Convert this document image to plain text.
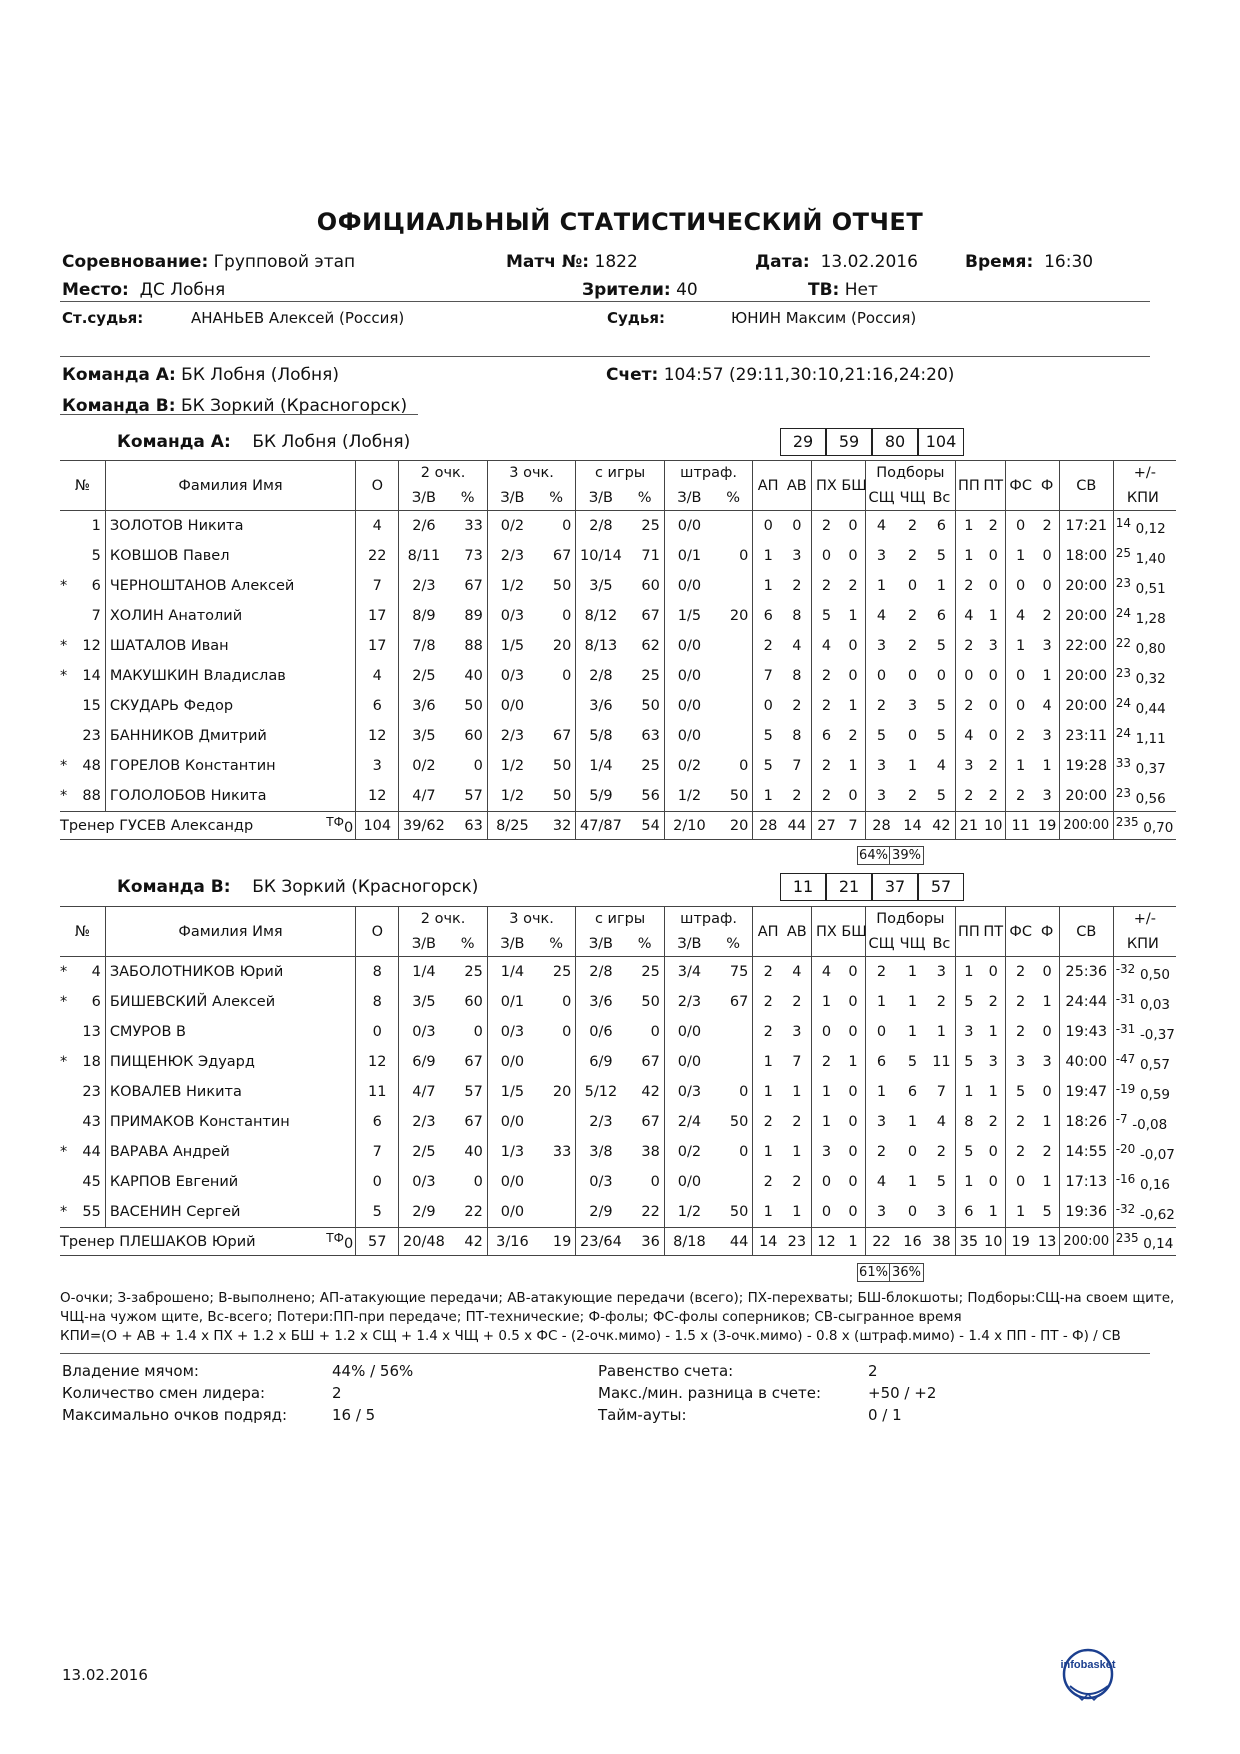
ОФИЦИАЛЬНЫЙ СТАТИСТИЧЕСКИЙ ОТЧЕТ
Соревнование: Групповой этап	Матч №: 1822	Дата: 13.02.2016	Время: 16:30
Место: ДС Лобня	Зрители: 40	ТВ: Нет
Ст.судья:	АНАНЬЕВ Алексей (Россия)	Судья:	ЮНИН Максим (Россия)
Команда А: БК Лобня (Лобня)	Счет: 104:57 (29:11,30:10,21:16,24:20)
Команда В: БК Зоркий (Красногорск)
Команда А: БК Лобня (Лобня)	29	59	80	104
№		Фамилия Имя	О	2 очк.		3 очк.		с игры		штраф.		АП	АВ	ПХ	БШ	Подборы			ПП	ПТ	ФС	Ф	СВ	+/-
				З/В	%	З/В	%	З/В	%	З/В	%					СЩ	ЧЩ	Вс						КПИ
	1	ЗОЛОТОВ Никита	4	2/6	33	0/2	0	2/8	25	0/0		0	0	2	0	4	2	6	1	2	0	2	17:21	$^{14}$ 0,12
	5	КОВШОВ Павел	22	8/11	73	2/3	67	10/14	71	0/1	0	1	3	0	0	3	2	5	1	0	1	0	18:00	$^{25}$ 1,40
*	6	ЧЕРНОШТАНОВ Алексей	7	2/3	67	1/2	50	3/5	60	0/0		1	2	2	2	1	0	1	2	0	0	0	20:00	$^{23}$ 0,51
	7	ХОЛИН Анатолий	17	8/9	89	0/3	0	8/12	67	1/5	20	6	8	5	1	4	2	6	4	1	4	2	20:00	$^{24}$ 1,28
*	12	ШАТАЛОВ Иван	17	7/8	88	1/5	20	8/13	62	0/0		2	4	4	0	3	2	5	2	3	1	3	22:00	$^{22}$ 0,80
*	14	МАКУШКИН Владислав	4	2/5	40	0/3	0	2/8	25	0/0		7	8	2	0	0	0	0	0	0	0	1	20:00	$^{23}$ 0,32
	15	СКУДАРЬ Федор	6	3/6	50	0/0		3/6	50	0/0		0	2	2	1	2	3	5	2	0	0	4	20:00	$^{24}$ 0,44
	23	БАННИКОВ Дмитрий	12	3/5	60	2/3	67	5/8	63	0/0		5	8	6	2	5	0	5	4	0	2	3	23:11	$^{24}$ 1,11
*	48	ГОРЕЛОВ Константин	3	0/2	0	1/2	50	1/4	25	0/2	0	5	7	2	1	3	1	4	3	2	1	1	19:28	$^{33}$ 0,37
*	88	ГОЛОЛОБОВ Никита	12	4/7	57	1/2	50	5/9	56	1/2	50	1	2	2	0	3	2	5	2	2	2	3	20:00	$^{23}$ 0,56
Тренер ГУСЕВ Александр $^{ТФ}$0			104	39/62	63	8/25	32	47/87	54	2/10	20	28	44	27	7	28	14	42	21	10	11	19	200:00	$^{235}$ 0,70
64% 39%
Команда В: БК Зоркий (Красногорск)	11	21	37	57
№		Фамилия Имя	О	2 очк.		3 очк.		с игры		штраф.		АП	АВ	ПХ	БШ	Подборы			ПП	ПТ	ФС	Ф	СВ	+/-
				З/В	%	З/В	%	З/В	%	З/В	%					СЩ	ЧЩ	Вс						КПИ
*	4	ЗАБОЛОТНИКОВ Юрий	8	1/4	25	1/4	25	2/8	25	3/4	75	2	4	4	0	2	1	3	1	0	2	0	25:36	$^{-32}$ 0,50
*	6	БИШЕВСКИЙ Алексей	8	3/5	60	0/1	0	3/6	50	2/3	67	2	2	1	0	1	1	2	5	2	2	1	24:44	$^{-31}$ 0,03
	13	СМУРОВ В	0	0/3	0	0/3	0	0/6	0	0/0		2	3	0	0	0	1	1	3	1	2	0	19:43	$^{-31}$ -0,37
*	18	ПИЩЕНЮК Эдуард	12	6/9	67	0/0		6/9	67	0/0		1	7	2	1	6	5	11	5	3	3	3	40:00	$^{-47}$ 0,57
	23	КОВАЛЕВ Никита	11	4/7	57	1/5	20	5/12	42	0/3	0	1	1	1	0	1	6	7	1	1	5	0	19:47	$^{-19}$ 0,59
	43	ПРИМАКОВ Константин	6	2/3	67	0/0		2/3	67	2/4	50	2	2	1	0	3	1	4	8	2	2	1	18:26	$^{-7}$ -0,08
*	44	ВАРАВА Андрей	7	2/5	40	1/3	33	3/8	38	0/2	0	1	1	3	0	2	0	2	5	0	2	2	14:55	$^{-20}$ -0,07
	45	КАРПОВ Евгений	0	0/3	0	0/0		0/3	0	0/0		2	2	0	0	4	1	5	1	0	0	1	17:13	$^{-16}$ 0,16
*	55	ВАСЕНИН Сергей	5	2/9	22	0/0		2/9	22	1/2	50	1	1	0	0	3	0	3	6	1	1	5	19:36	$^{-32}$ -0,62
Тренер ПЛЕШАКОВ Юрий $^{ТФ}$0			57	20/48	42	3/16	19	23/64	36	8/18	44	14	23	12	1	22	16	38	35	10	19	13	200:00	$^{235}$ 0,14
61% 36%
О-очки; З-заброшено; В-выполнено; АП-атакующие передачи; АВ-атакующие передачи (всего); ПХ-перехваты; БШ-блокшоты; Подборы:СЩ-на своем щите,
ЧЩ-на чужом щите, Вс-всего; Потери:ПП-при передаче; ПТ-технические; Ф-фолы; ФС-фолы соперников; СВ-сыгранное время
КПИ=(О + АВ + 1.4 х ПХ + 1.2 х БШ + 1.2 х СЩ + 1.4 х ЧЩ + 0.5 х ФС - (2-очк.мимо) - 1.5 х (3-очк.мимо) - 0.8 х (штраф.мимо) - 1.4 х ПП - ПТ - Ф) / СВ
Владение мячом:	44% / 56%
Количество смен лидера:	2
Максимально очков подряд:	16 / 5
Равенство счета:	2
Макс./мин. разница в счете:	+50 / +2
Тайм-ауты:	0 / 1
13.02.2016
infobasket
